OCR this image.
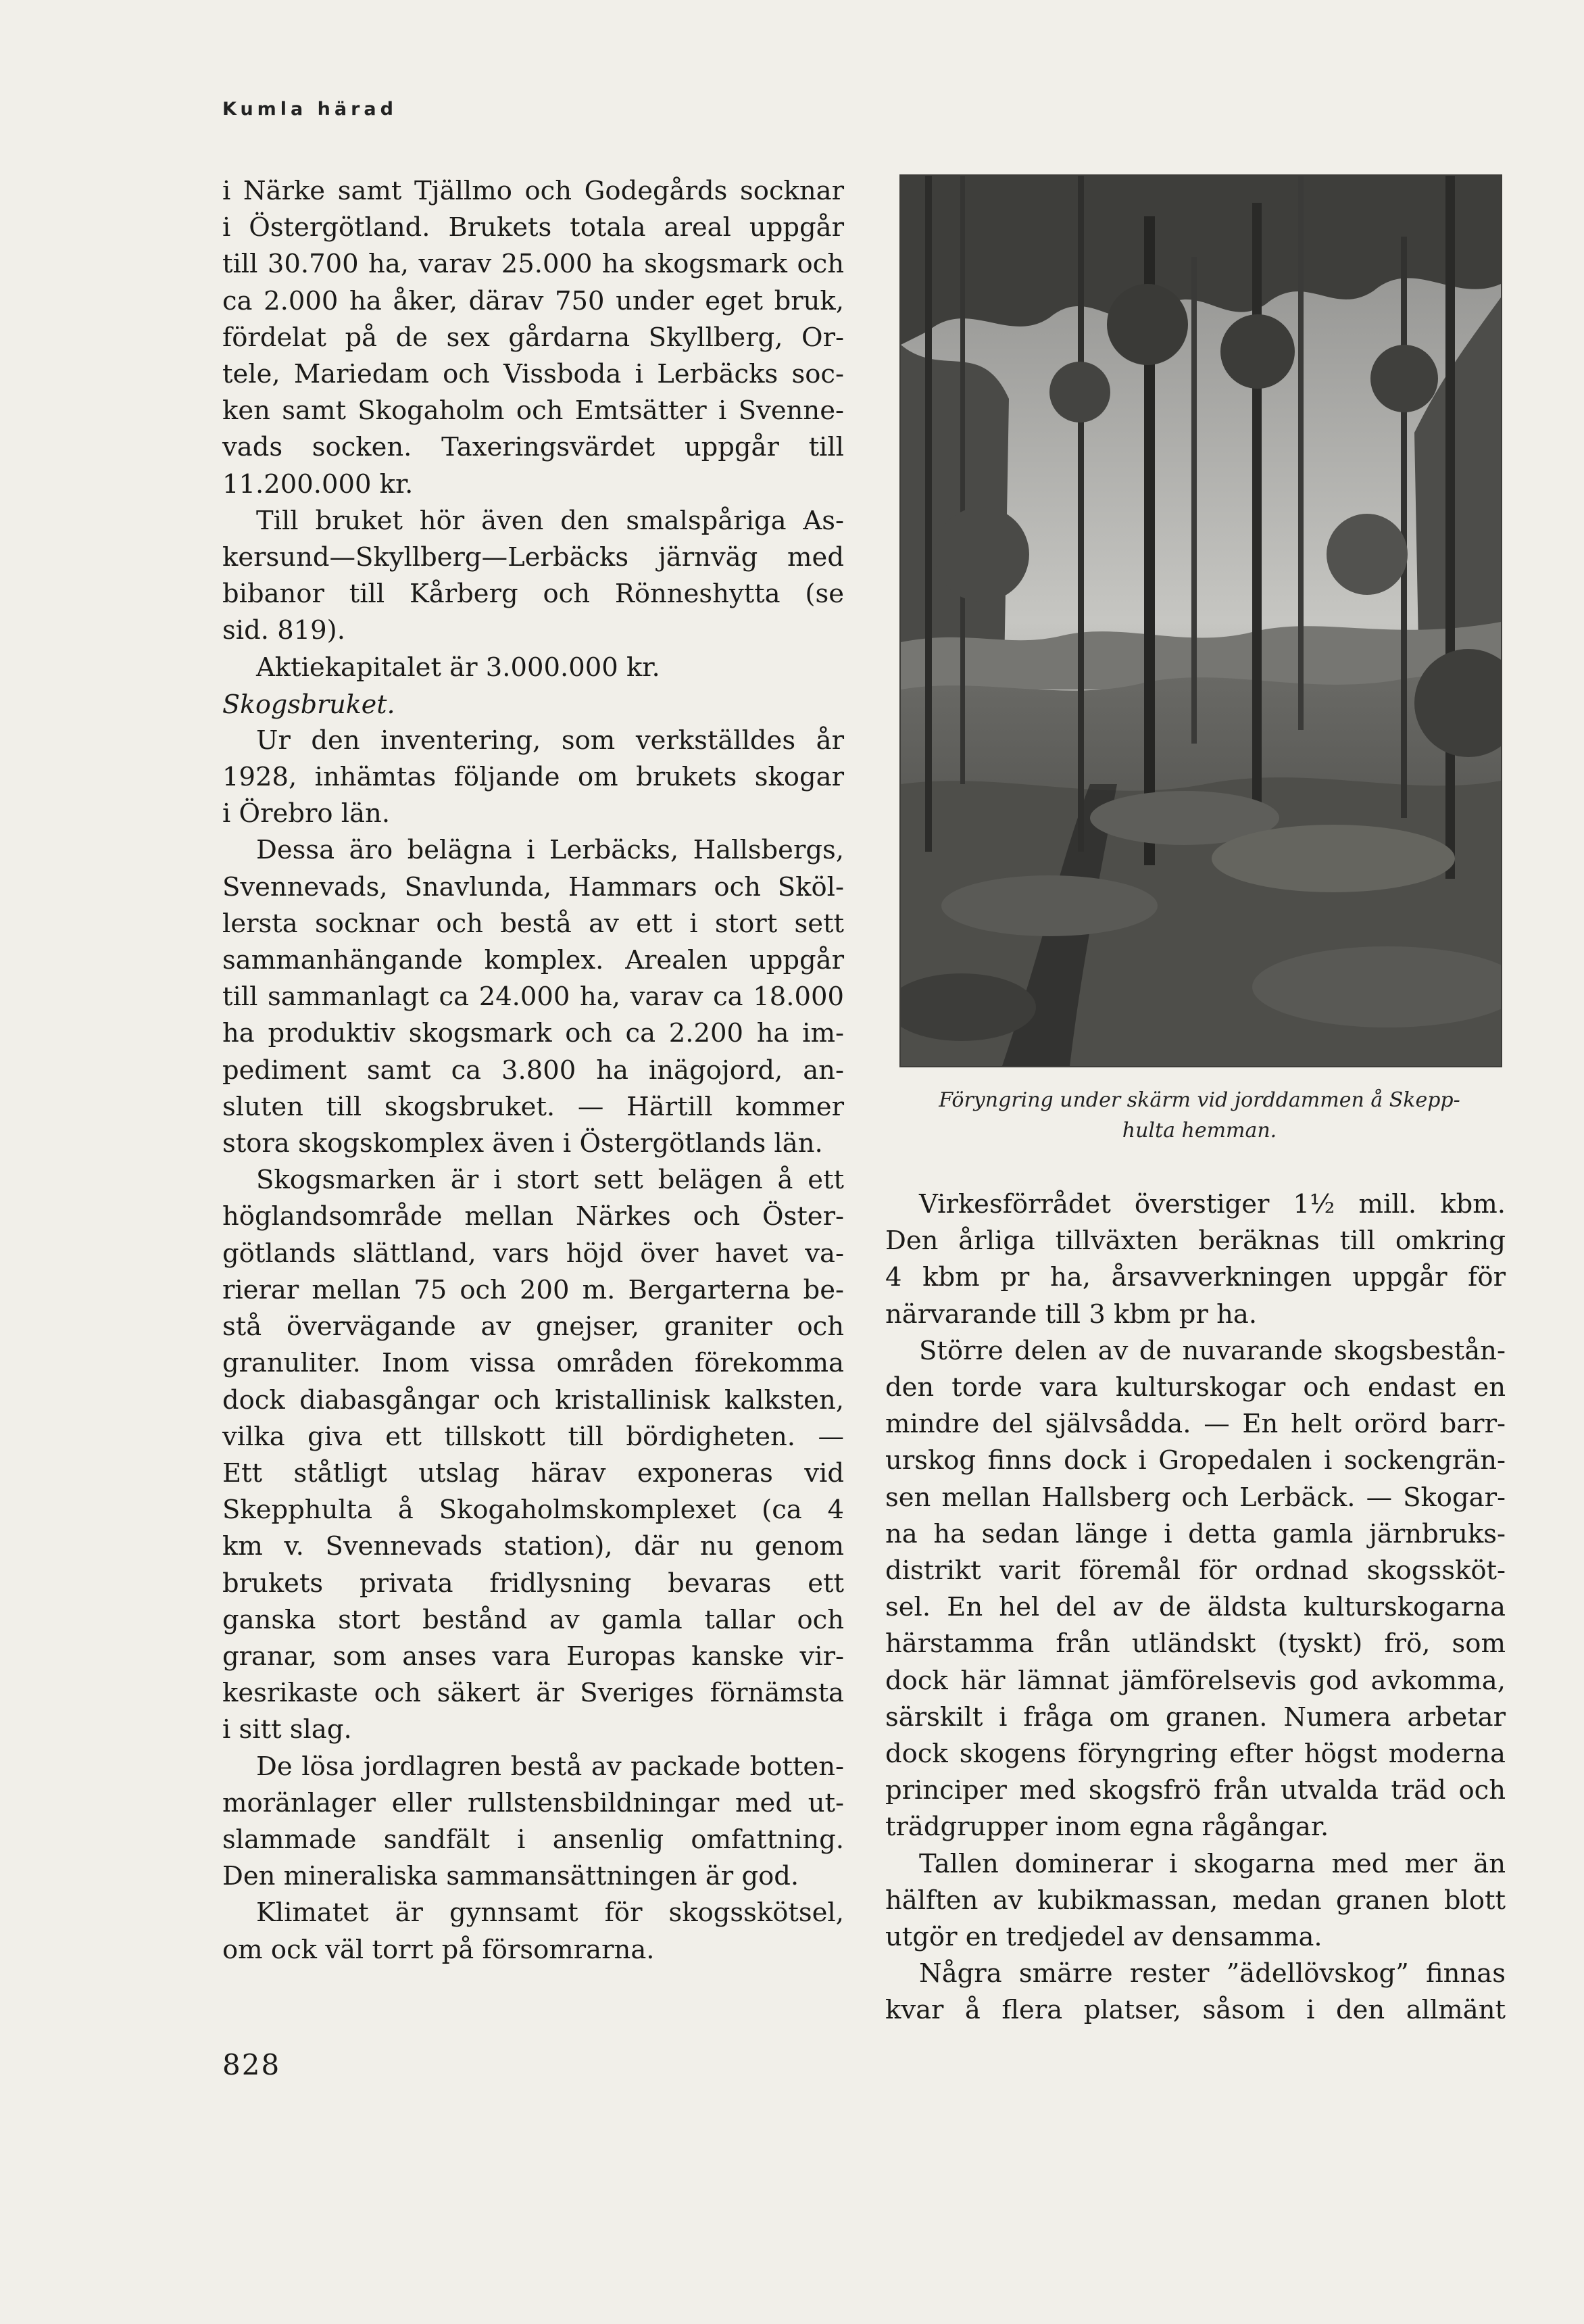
Kumla härad

i Närke samt Tjällmo och Godegårds socknar

i Östergötland. Brukets totala areal uppgår

till 30.700 ha, varav 25.000 ha skogsmark och

ca 2.000 ha åker, därav 750 under eget bruk,

fördelat på de sex gårdarna Skyllberg, Or-

tele, Mariedam och Vissboda i Lerbäcks soc-

ken samt Skogaholm och Emtsätter i Svenne-

vads socken. Taxeringsvärdet uppgår till

11.200.000 kr.

Till bruket hör även den smalspåriga As-

kersund—Skyllberg—Lerbäcks järnväg med

bibanor till Kårberg och Rönneshytta (se

sid. 819).

Aktiekapitalet är 3.000.000 kr.

Skogsbruket.

Ur den inventering, som verkställdes år

1928, inhämtas följande om brukets skogar

i Örebro län.

Dessa äro belägna i Lerbäcks, Hallsbergs,

Svennevads, Snavlunda, Hammars och Sköl-

lersta socknar och bestå av ett i stort sett

sammanhängande komplex. Arealen uppgår

till sammanlagt ca 24.000 ha, varav ca 18.000

ha produktiv skogsmark och ca 2.200 ha im-

pediment samt ca 3.800 ha inägojord, an-

sluten till skogsbruket. — Härtill kommer

stora skogskomplex även i Östergötlands län.

Skogsmarken är i stort sett belägen å ett

höglandsområde mellan Närkes och Öster-

götlands slättland, vars höjd över havet va-

rierar mellan 75 och 200 m. Bergarterna be-

stå övervägande av gnejser, graniter och

granuliter. Inom vissa områden förekomma

dock diabasgångar och kristallinisk kalksten,

vilka giva ett tillskott till bördigheten. —

Ett ståtligt utslag härav exponeras vid

Skepphulta å Skogaholmskomplexet (ca 4

km v. Svennevads station), där nu genom

brukets privata fridlysning bevaras ett

ganska stort bestånd av gamla tallar och

granar, som anses vara Europas kanske vir-

kesrikaste och säkert är Sveriges förnämsta

i sitt slag.

De lösa jordlagren bestå av packade botten-

moränlager eller rullstensbildningar med ut-

slammade sandfält i ansenlig omfattning.

Den mineraliska sammansättningen är god.

Klimatet är gynnsamt för skogsskötsel,

om ock väl torrt på försomrarna.

Föryngring under skärm vid jorddammen å Skepp-
hulta hemman.

Virkesförrådet överstiger 1½ mill. kbm.

Den årliga tillväxten beräknas till omkring

4 kbm pr ha, årsavverkningen uppgår för

närvarande till 3 kbm pr ha.

Större delen av de nuvarande skogsbestån-

den torde vara kulturskogar och endast en

mindre del självsådda. — En helt orörd barr-

urskog finns dock i Gropedalen i sockengrän-

sen mellan Hallsberg och Lerbäck. — Skogar-

na ha sedan länge i detta gamla järnbruks-

distrikt varit föremål för ordnad skogssköt-

sel. En hel del av de äldsta kulturskogarna

härstamma från utländskt (tyskt) frö, som

dock här lämnat jämförelsevis god avkomma,

särskilt i fråga om granen. Numera arbetar

dock skogens föryngring efter högst moderna

principer med skogsfrö från utvalda träd och

trädgrupper inom egna rågångar.

Tallen dominerar i skogarna med mer än

hälften av kubikmassan, medan granen blott

utgör en tredjedel av densamma.

Några smärre rester ”ädellövskog” finnas

kvar å flera platser, såsom i den allmänt

828
